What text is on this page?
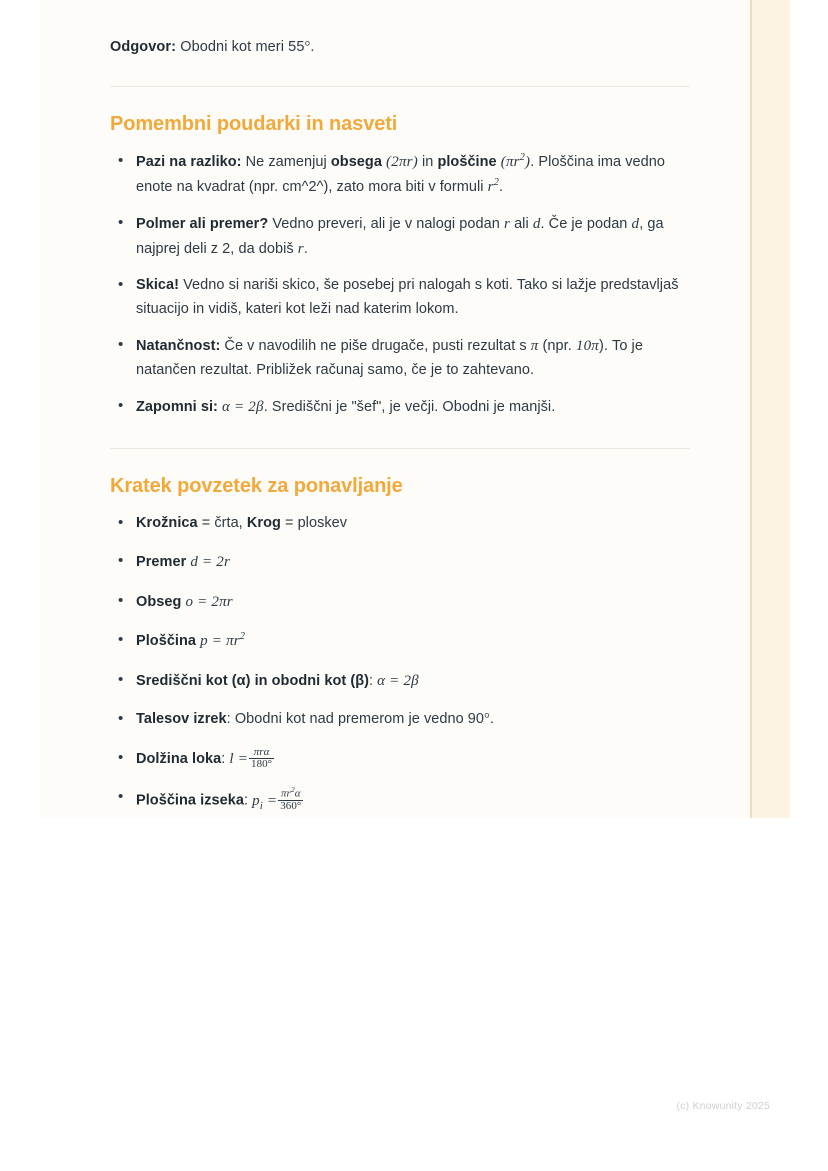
Odgovor: Obodni kot meri 55°.

Pomembni poudarki in nasveti
• Pazi na razliko: Ne zamenjuj obsega (2πr) in ploščine $(\pi r^2)$. Ploščina ima vedno enote na kvadrat (npr. cm^2^), zato mora biti v formuli $r^2$.
• Polmer ali premer? Vedno preveri, ali je v nalogi podan r ali d. Če je podan d, ga najprej deli z 2, da dobiš r.
• Skica! Vedno si nariši skico, še posebej pri nalogah s koti. Tako si lažje predstavljaš situacijo in vidiš, kateri kot leži nad katerim lokom.
• Natančnost: Če v navodilih ne piše drugače, pusti rezultat s π (npr. 10π). To je natančen rezultat. Približek računaj samo, če je to zahtevano.
• Zapomni si: α = 2β. Središčni je "šef", je večji. Obodni je manjši.
Kratek povzetek za ponavljanje
• Krožnica = črta, Krog = ploskev
• Premer d = 2r
• Obseg o = 2πr
• Ploščina $p = \pi r^2$
• Središčni kot (α) in obodni kot (β): α = 2β
• Talesov izrek: Obodni kot nad premerom je vedno 90°.
• Dolžina loka: $l = \frac{\text{πrα}}{180^\circ}$
• Ploščina izseka: $p_i = \frac{\pi r^2\alpha}{360^\circ}$
(c) Knowunity 2025
